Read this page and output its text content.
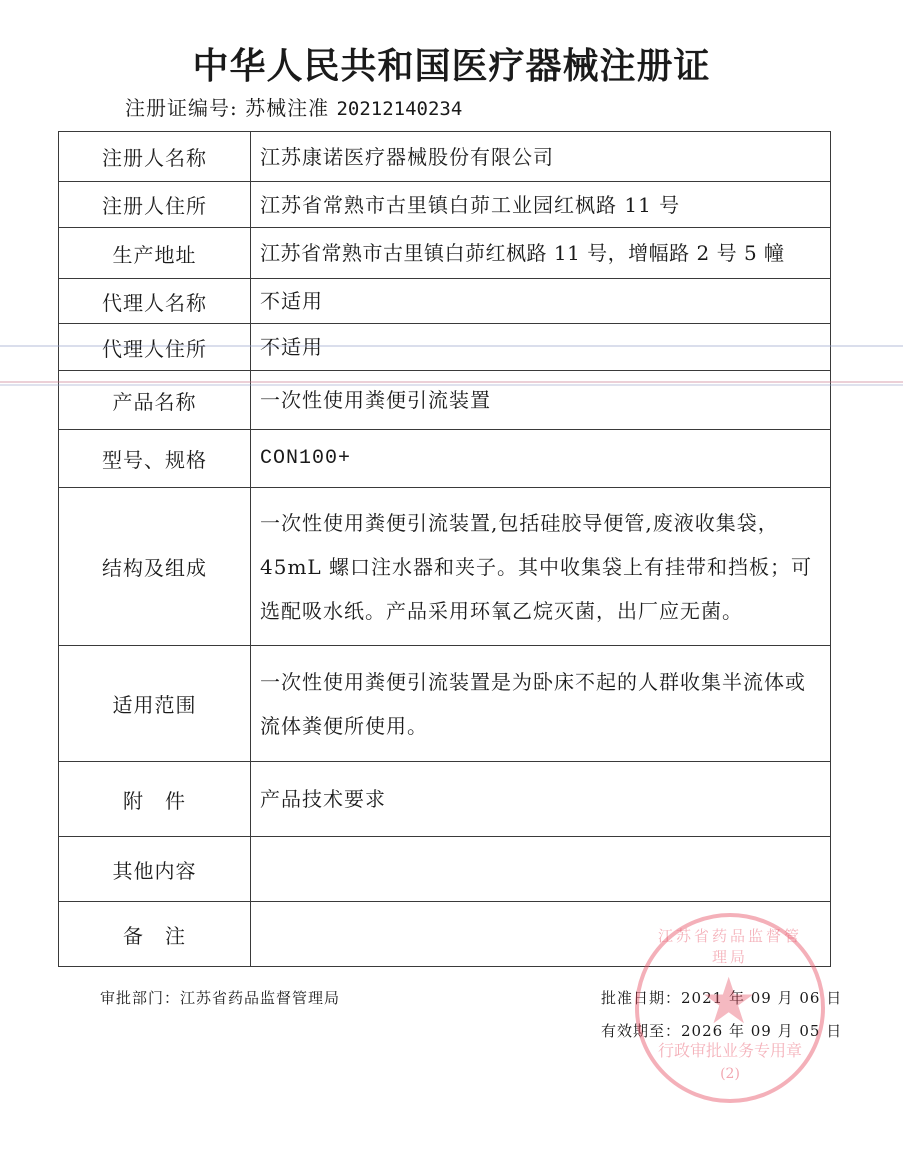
中华人民共和国医疗器械注册证
注册证编号: 苏械注准 20212140234
注册人名称	江苏康诺医疗器械股份有限公司
注册人住所	江苏省常熟市古里镇白茆工业园红枫路 11 号
生产地址	江苏省常熟市古里镇白茆红枫路 11 号，增幅路 2 号 5 幢
代理人名称	不适用
代理人住所	不适用
产品名称	一次性使用粪便引流装置
型号、规格	CON100+
结构及组成	一次性使用粪便引流装置,包括硅胶导便管,废液收集袋，45mL 螺口注水器和夹子。其中收集袋上有挂带和挡板；可选配吸水纸。产品采用环氧乙烷灭菌，出厂应无菌。
适用范围	一次性使用粪便引流装置是为卧床不起的人群收集半流体或流体粪便所使用。
附　件	产品技术要求
其他内容	
备　注	
审批部门：江苏省药品监督管理局	批准日期：2021 年 09 月 06 日
有效期至：2026 年 09 月 05 日
江苏省药品监督管理局
★
行政审批业务专用章
(2)
